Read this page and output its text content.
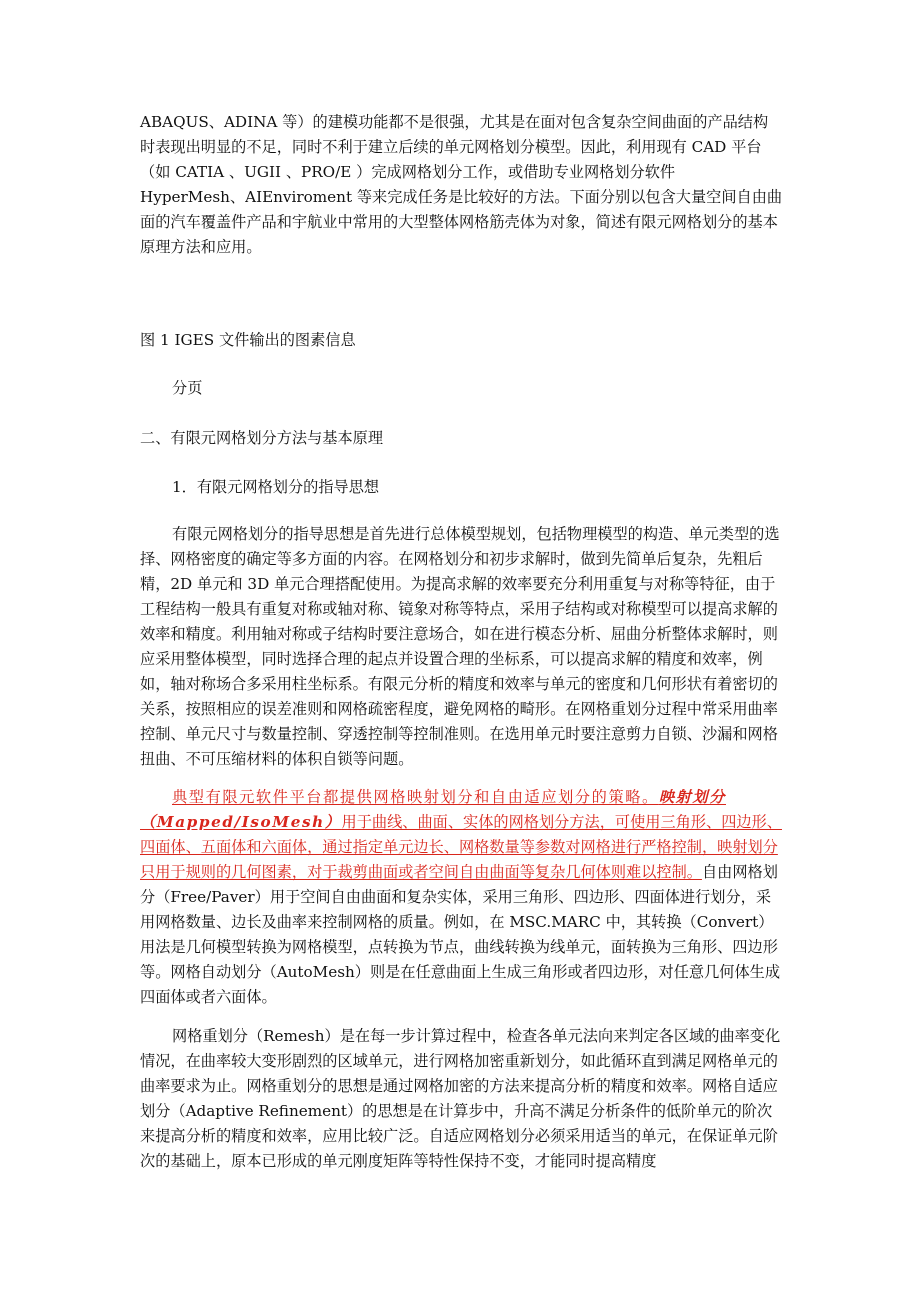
ABAQUS、ADINA 等）的建模功能都不是很强，尤其是在面对包含复杂空间曲面的产品结构时表现出明显的不足，同时不利于建立后续的单元网格划分模型。因此，利用现有 CAD 平台（如 CATIA 、UGII 、PRO/E ）完成网格划分工作，或借助专业网格划分软件 HyperMesh、AIEnviroment 等来完成任务是比较好的方法。下面分别以包含大量空间自由曲面的汽车覆盖件产品和宇航业中常用的大型整体网格筋壳体为对象，简述有限元网格划分的基本原理方法和应用。

图 1 IGES 文件输出的图素信息

分页

二、有限元网格划分方法与基本原理

1．有限元网格划分的指导思想

有限元网格划分的指导思想是首先进行总体模型规划，包括物理模型的构造、单元类型的选择、网格密度的确定等多方面的内容。在网格划分和初步求解时，做到先简单后复杂，先粗后精，2D 单元和 3D 单元合理搭配使用。为提高求解的效率要充分利用重复与对称等特征，由于工程结构一般具有重复对称或轴对称、镜象对称等特点，采用子结构或对称模型可以提高求解的效率和精度。利用轴对称或子结构时要注意场合，如在进行模态分析、屈曲分析整体求解时，则应采用整体模型，同时选择合理的起点并设置合理的坐标系，可以提高求解的精度和效率，例如，轴对称场合多采用柱坐标系。有限元分析的精度和效率与单元的密度和几何形状有着密切的关系，按照相应的误差准则和网格疏密程度，避免网格的畸形。在网格重划分过程中常采用曲率控制、单元尺寸与数量控制、穿透控制等控制准则。在选用单元时要注意剪力自锁、沙漏和网格扭曲、不可压缩材料的体积自锁等问题。

典型有限元软件平台都提供网格映射划分和自由适应划分的策略。映射划分（Mapped/IsoMesh）用于曲线、曲面、实体的网格划分方法，可使用三角形、四边形、四面体、五面体和六面体，通过指定单元边长、网格数量等参数对网格进行严格控制，映射划分只用于规则的几何图素，对于裁剪曲面或者空间自由曲面等复杂几何体则难以控制。自由网格划分（Free/Paver）用于空间自由曲面和复杂实体，采用三角形、四边形、四面体进行划分，采用网格数量、边长及曲率来控制网格的质量。例如，在 MSC.MARC 中，其转换（Convert）用法是几何模型转换为网格模型，点转换为节点，曲线转换为线单元，面转换为三角形、四边形等。网格自动划分（AutoMesh）则是在任意曲面上生成三角形或者四边形，对任意几何体生成四面体或者六面体。

网格重划分（Remesh）是在每一步计算过程中，检查各单元法向来判定各区域的曲率变化情况，在曲率较大变形剧烈的区域单元，进行网格加密重新划分，如此循环直到满足网格单元的曲率要求为止。网格重划分的思想是通过网格加密的方法来提高分析的精度和效率。网格自适应划分（Adaptive Refinement）的思想是在计算步中，升高不满足分析条件的低阶单元的阶次来提高分析的精度和效率，应用比较广泛。自适应网格划分必须采用适当的单元，在保证单元阶次的基础上，原本已形成的单元刚度矩阵等特性保持不变，才能同时提高精度
